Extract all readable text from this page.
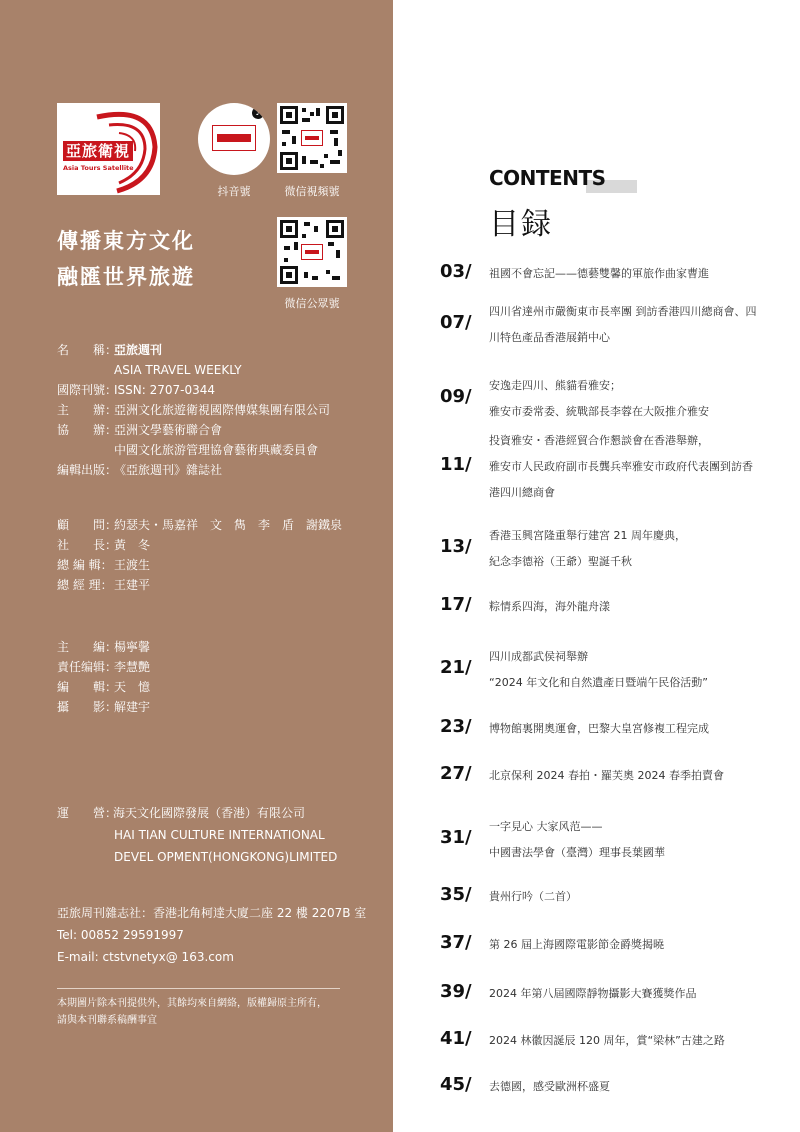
亞旅衛視
Asia Tours Satellite
♪
抖音號	微信視頻號
微信公眾號
傳播東方文化
融匯世界旅遊
名　　稱：亞旅週刊
ASIA TRAVEL WEEKLY
國際刊號：ISSN: 2707-0344
主　　辦：亞洲文化旅遊衛視國際傳媒集團有限公司
協　　辦：亞洲文學藝術聯合會
中國文化旅游管理協會藝術典藏委員會
編輯出版：《亞旅週刊》雜誌社
顧　　問：約瑟夫・馬嘉祥　文　雋　李　盾　謝鐵泉
社　　長：黃　冬
總 編 輯：王渡生
總 經 理：王建平
主　　編：楊寧馨
責任编辑：李慧艷
編　　輯：天　憶
攝　　影：解建宇
運　　營：海天文化國際發展（香港）有限公司
HAI TIAN CULTURE INTERNATIONAL
DEVEL OPMENT(HONGKONG)LIMITED
亞旅周刊雜志社：香港北角柯達大廈二座 22 樓 2207B 室
Tel: 00852 29591997
E-mail: ctstvnetyx@ 163.com
本期圖片除本刊提供外，其餘均來自網絡，版權歸原主所有，
請與本刊聯系稿酬事宜
CONTENTS
目録
03/ 祖國不會忘記——德藝雙馨的軍旅作曲家曹進
07/
四川省達州市嚴衡東市長率團 到訪香港四川總商會、四
川特色產品香港展銷中心
09/
安逸走四川、熊貓看雅安；
雅安市委常委、統戰部長李蓉在大阪推介雅安
11/
投資雅安・香港經貿合作懇談會在香港舉辦，
雅安市人民政府副市長龔兵率雅安市政府代表團到訪香
港四川總商會
13/
香港玉興宮隆重舉行建宮 21 周年慶典，
紀念李德裕（王爺）聖誕千秋
17/ 粽情系四海，海外龍舟漾
21/
四川成都武侯祠舉辦
“2024 年文化和自然遺產日暨端午民俗活動”
23/ 博物館裏開奧運會，巴黎大皇宮修複工程完成
27/ 北京保利 2024 春拍・羅芙奧 2024 春季拍賣會
31/
一字見心 大家风范——
中國書法學會（臺灣）理事長葉國華
35/ 貴州行吟（二首）
37/ 第 26 屆上海國際電影節金爵獎揭曉
39/ 2024 年第八屆國際靜物攝影大賽獲獎作品
41/ 2024 林徽因誕辰 120 周年，賞“梁林”古建之路
45/ 去德國，感受歐洲杯盛夏
